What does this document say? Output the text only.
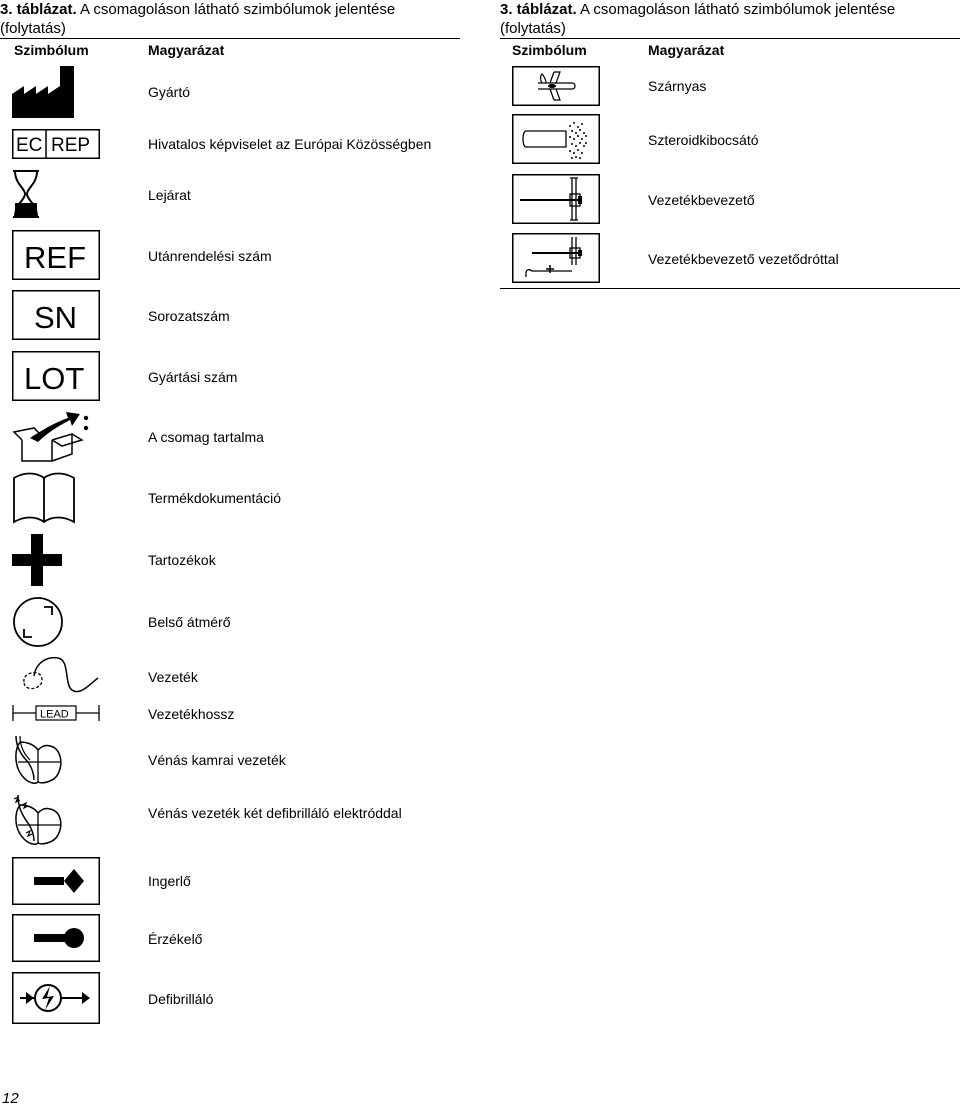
3. táblázat. A csomagoláson látható szimbólumok jelentése (folytatás)
Szimbólum	Magyarázat
Gyártó
EC REP	Hivatalos képviselet az Európai Közösségben
Lejárat
REF	Utánrendelési szám
SN	Sorozatszám
LOT	Gyártási szám
A csomag tartalma
Termékdokumentáció
Tartozékok
Belső átmérő
Vezeték
LEAD	Vezetékhossz
Vénás kamrai vezeték
Vénás vezeték két defibrilláló elektróddal
Ingerlő
Érzékelő
Defibrilláló
12
3. táblázat. A csomagoláson látható szimbólumok jelentése (folytatás)
Szimbólum	Magyarázat
Szárnyas
Szteroidkibocsátó
Vezetékbevezető
Vezetékbevezető vezetődróttal
